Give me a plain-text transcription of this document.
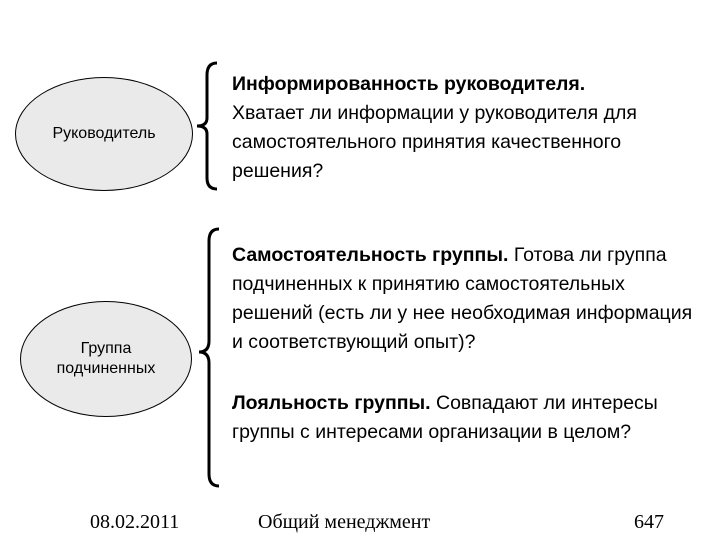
Руководитель
Группа
подчиненных
Информированность руководителя.
Хватает ли информации у руководителя для самостоятельного принятия качественного решения?
Самостоятельность группы. Готова ли группа подчиненных к принятию самостоятельных решений (есть ли у нее необходимая информация и соответствующий опыт)?
Лояльность группы. Совпадают ли интересы группы с интересами организации в целом?
08.02.2011	Общий менеджмент	647
